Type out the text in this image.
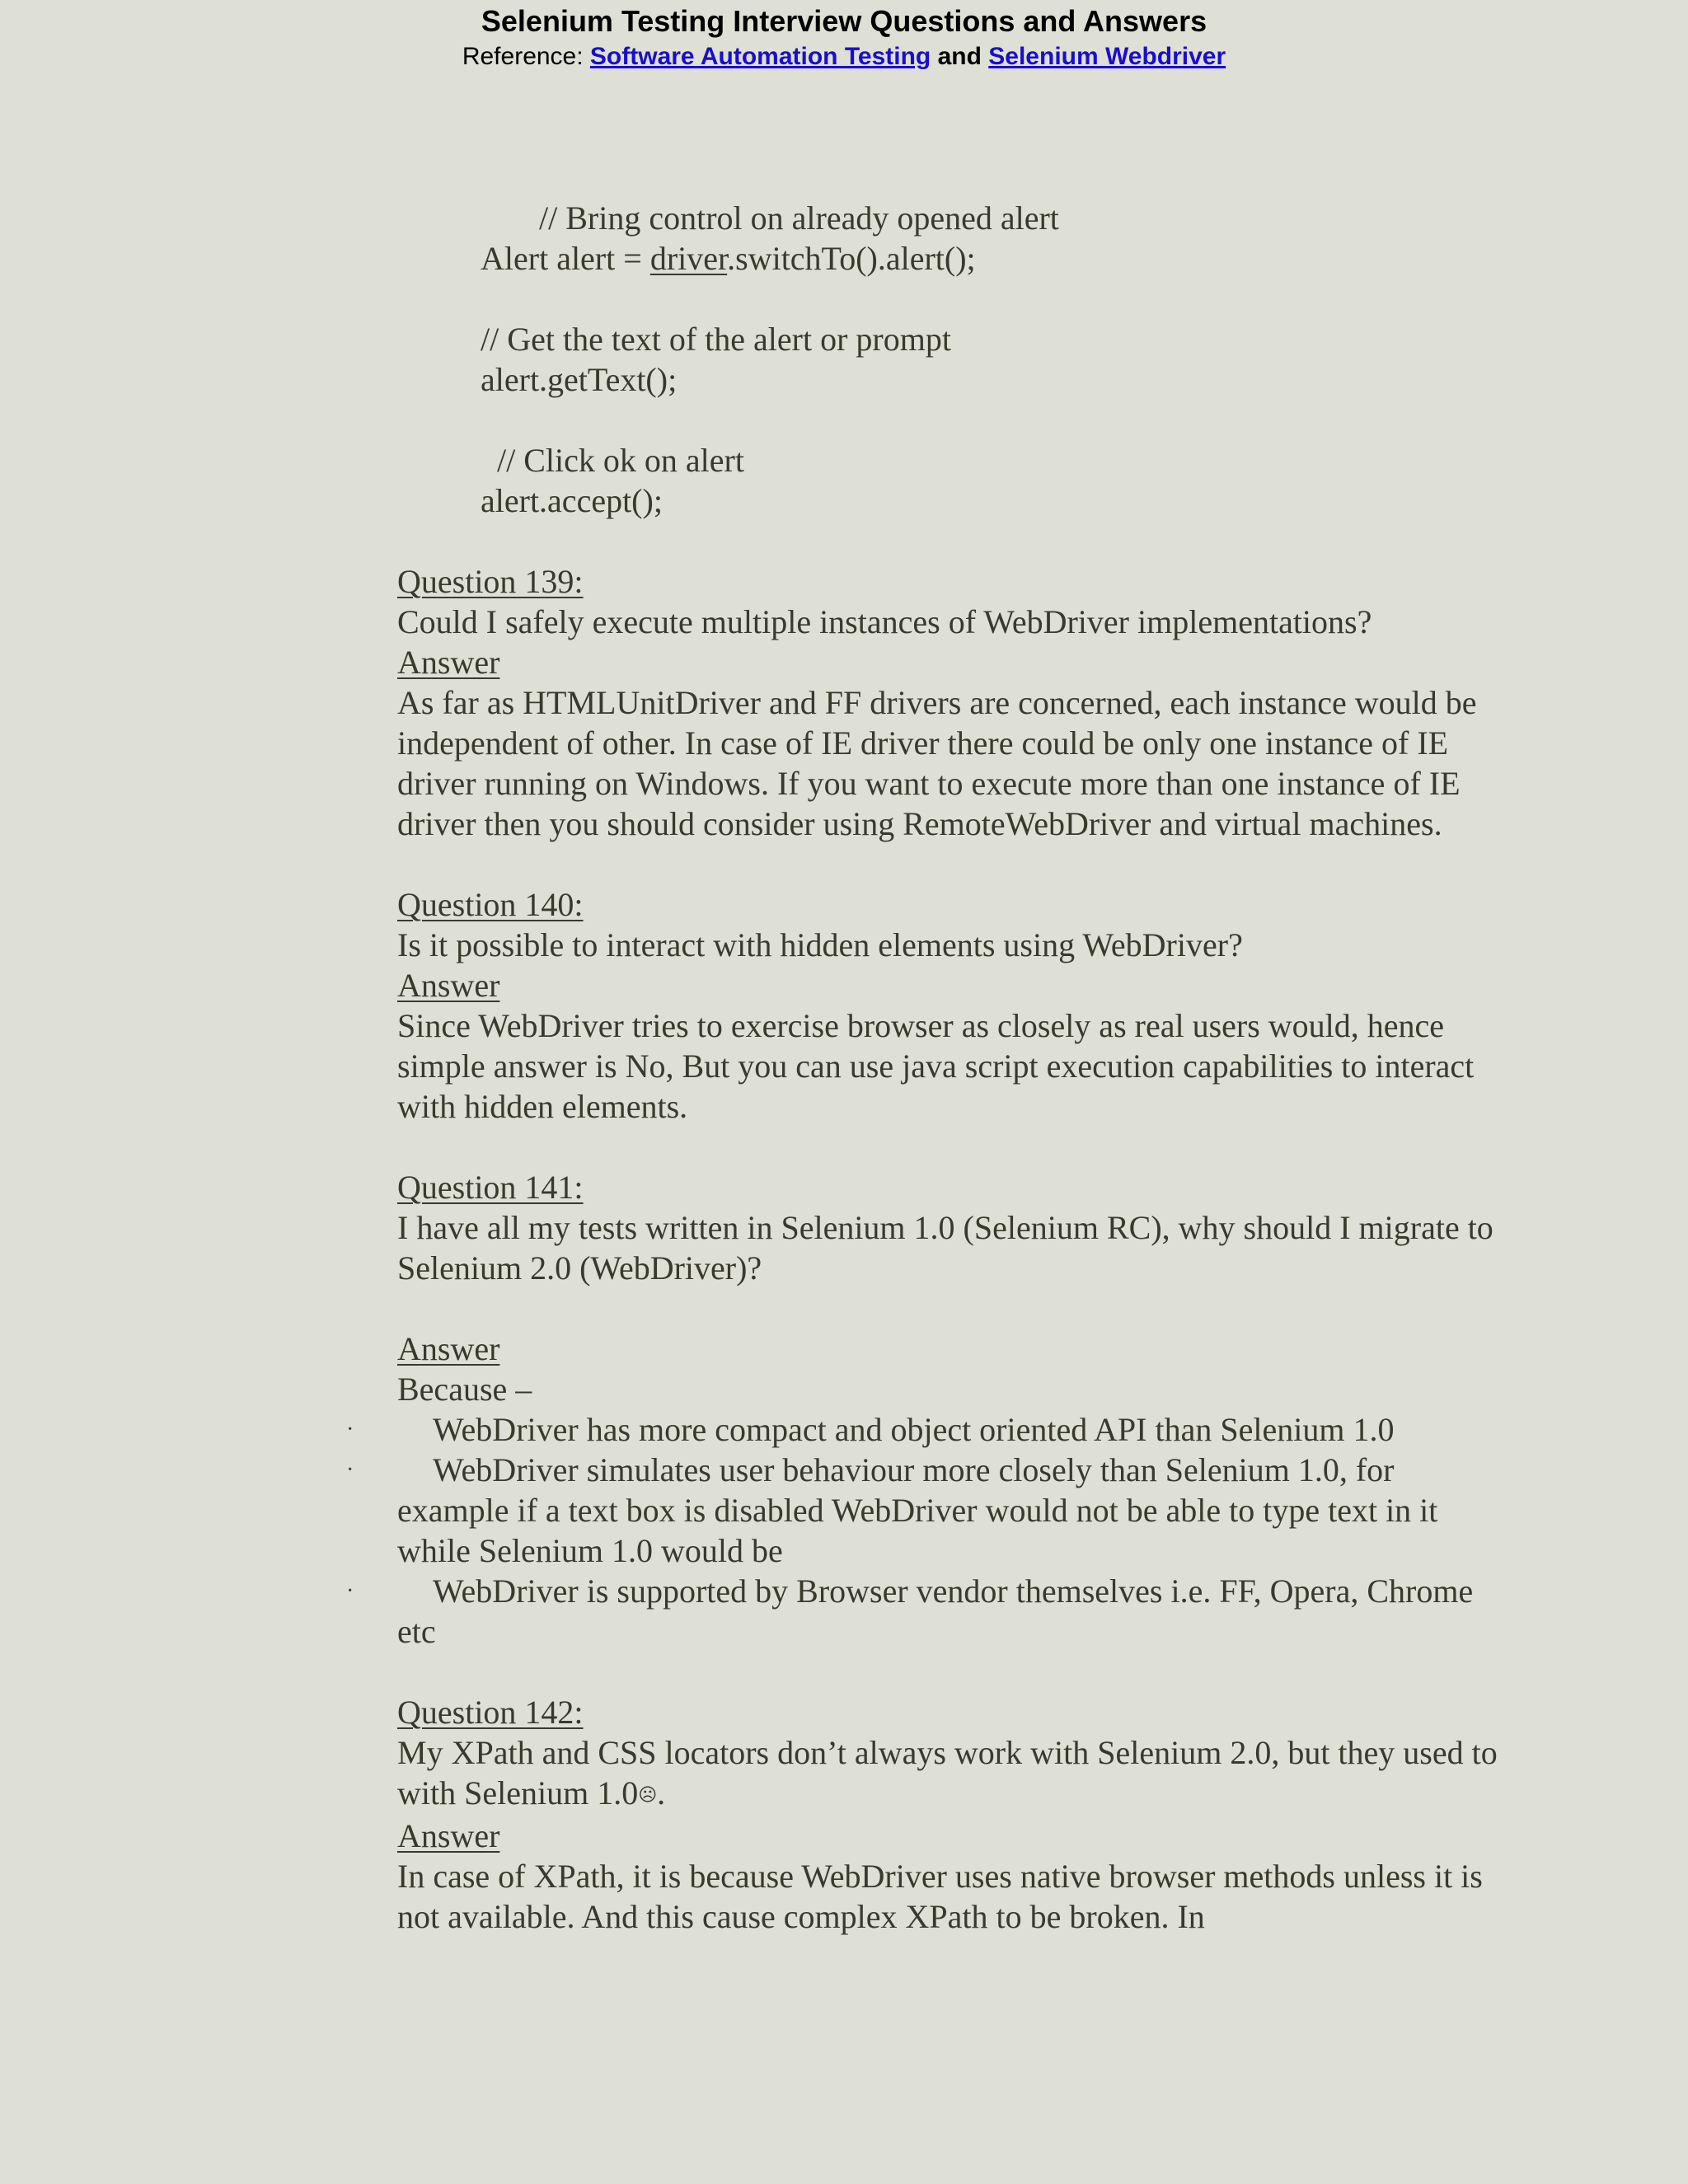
Selenium Testing Interview Questions and Answers
Reference: Software Automation Testing and Selenium Webdriver
// Bring control on already opened alert
Alert alert = driver.switchTo().alert();
// Get the text of the alert or prompt
alert.getText();
// Click ok on alert
alert.accept();
Question 139:
Could I safely execute multiple instances of WebDriver implementations?
Answer
As far as HTMLUnitDriver and FF drivers are concerned, each instance would be independent of other. In case of IE driver there could be only one instance of IE driver running on Windows. If you want to execute more than one instance of IE driver then you should consider using RemoteWebDriver and virtual machines.
Question 140:
Is it possible to interact with hidden elements using WebDriver?
Answer
Since WebDriver tries to exercise browser as closely as real users would, hence simple answer is No, But you can use java script execution capabilities to interact with hidden elements.
Question 141:
I have all my tests written in Selenium 1.0 (Selenium RC), why should I migrate to Selenium 2.0 (WebDriver)?
Answer
Because –
· WebDriver has more compact and object oriented API than Selenium 1.0
· WebDriver simulates user behaviour more closely than Selenium 1.0, for example if a text box is disabled WebDriver would not be able to type text in it while Selenium 1.0 would be
· WebDriver is supported by Browser vendor themselves i.e. FF, Opera, Chrome etc
Question 142:
My XPath and CSS locators don’t always work with Selenium 2.0, but they used to with Selenium 1.0☹.
Answer
In case of XPath, it is because WebDriver uses native browser methods unless it is not available. And this cause complex XPath to be broken. In
